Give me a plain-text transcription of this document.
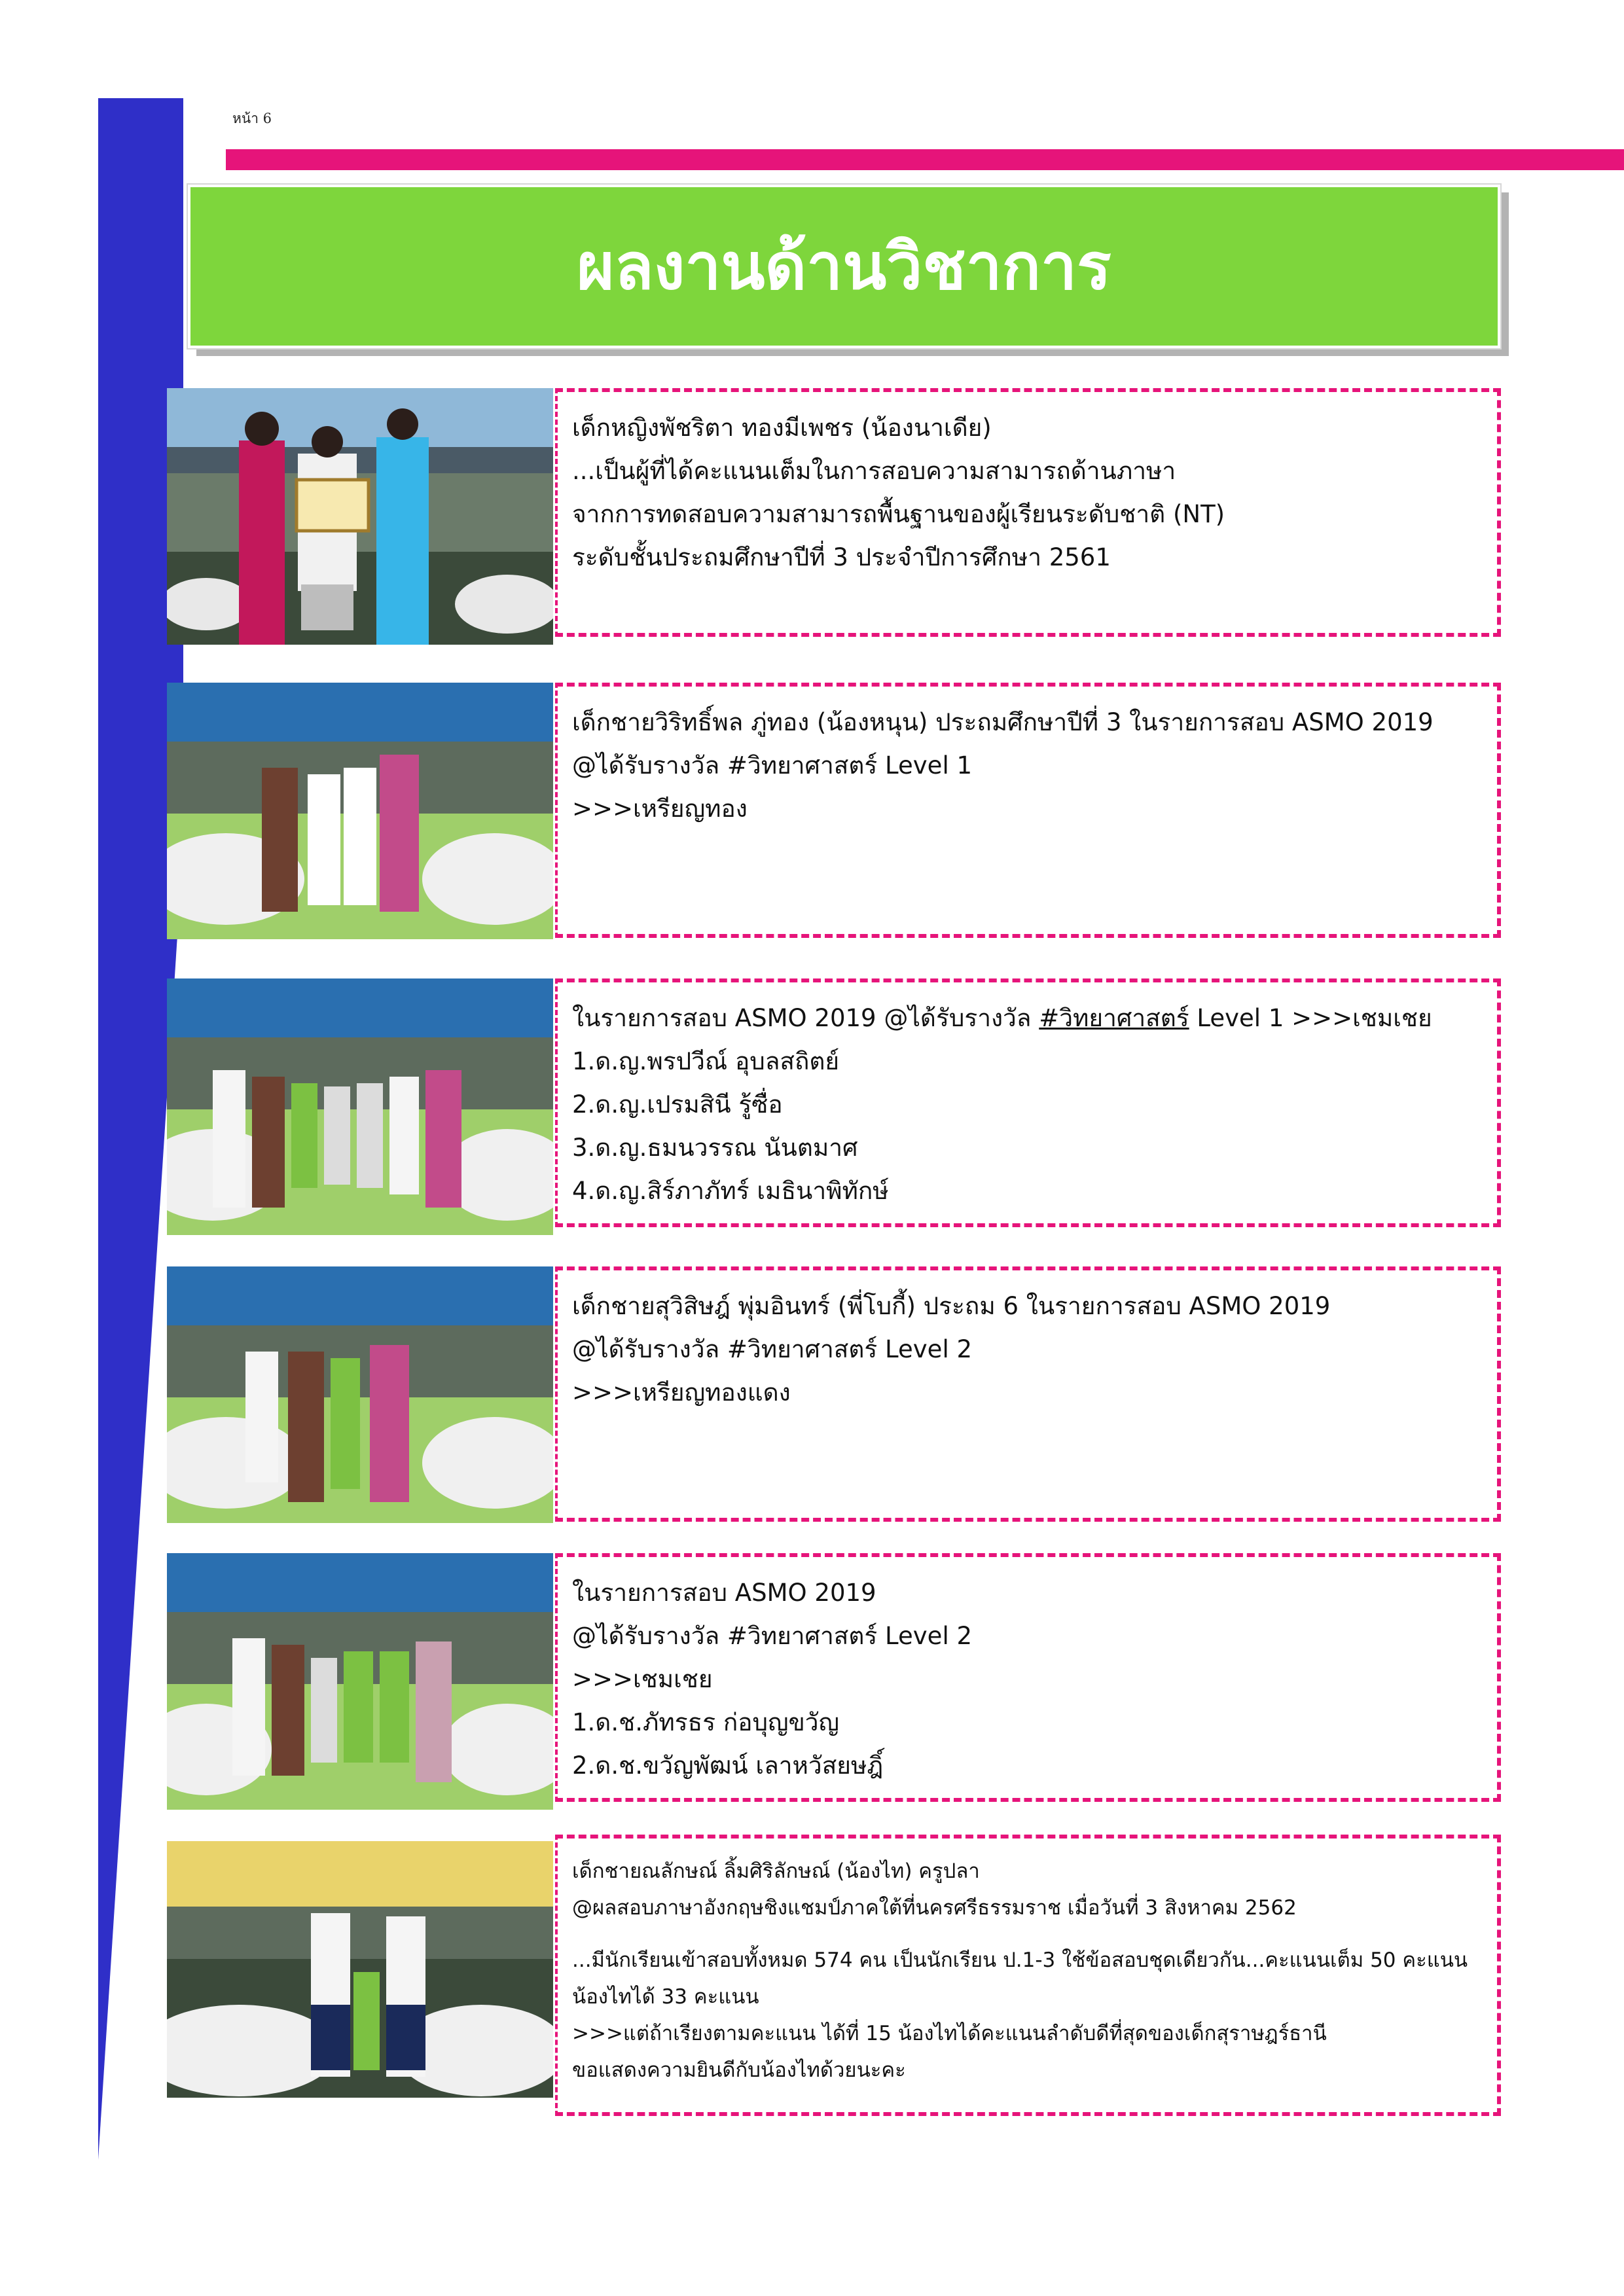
หน้า 6
ผลงานด้านวิชาการ
เด็กหญิงพัชริตา ทองมีเพชร (น้องนาเดีย)
...เป็นผู้ที่ได้คะแนนเต็มในการสอบความสามารถด้านภาษา
จากการทดสอบความสามารถพื้นฐานของผู้เรียนระดับชาติ (NT)
ระดับชั้นประถมศึกษาปีที่ 3 ประจำปีการศึกษา 2561
เด็กชายวิริทธิ์พล ภู่ทอง (น้องหนุน) ประถมศึกษาปีที่ 3 ในรายการสอบ ASMO 2019
@ได้รับรางวัล #วิทยาศาสตร์ Level 1
>>>เหรียญทอง
ในรายการสอบ ASMO 2019 @ได้รับรางวัล #วิทยาศาสตร์ Level 1 >>>เชมเชย
1.ด.ญ.พรปวีณ์ อุบลสถิตย์
2.ด.ญ.เปรมสินี รู้ซื่อ
3.ด.ญ.ธมนวรรณ นันตมาศ
4.ด.ญ.สิร์ภาภัทร์ เมธินาพิทักษ์
เด็กชายสุวิสิษฎ์ พุ่มอินทร์ (พี่โบกี้) ประถม 6 ในรายการสอบ ASMO 2019
@ได้รับรางวัล #วิทยาศาสตร์ Level 2
>>>เหรียญทองแดง
ในรายการสอบ ASMO 2019
@ได้รับรางวัล #วิทยาศาสตร์ Level 2
>>>เชมเชย
1.ด.ช.ภัทรธร ก่อบุญขวัญ
2.ด.ช.ขวัญพัฒน์ เลาหวัสยษฎิ์
เด็กชายณลักษณ์ ลิ้มศิริลักษณ์ (น้องไท) ครูปลา
@ผลสอบภาษาอังกฤษชิงแชมป์ภาคใต้ที่นครศรีธรรมราช เมื่อวันที่ 3 สิงหาคม 2562
...มีนักเรียนเข้าสอบทั้งหมด 574 คน เป็นนักเรียน ป.1-3 ใช้ข้อสอบชุดเดียวกัน...คะแนนเต็ม 50 คะแนน
น้องไทได้ 33 คะแนน
>>>แต่ถ้าเรียงตามคะแนน ได้ที่ 15 น้องไทได้คะแนนลำดับดีที่สุดของเด็กสุราษฎร์ธานี
ขอแสดงความยินดีกับน้องไทด้วยนะคะ
